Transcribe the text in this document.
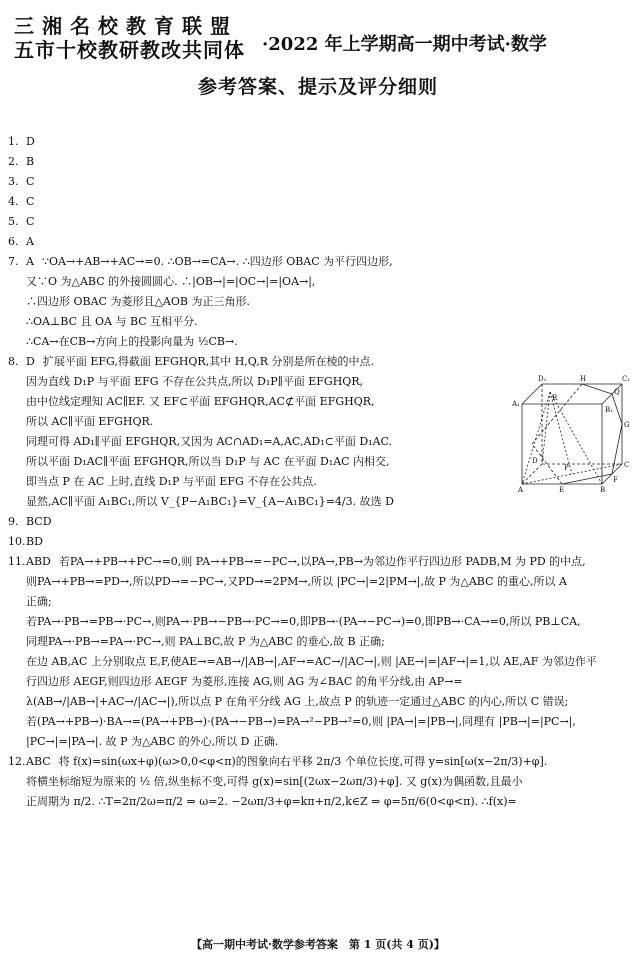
三湘名校教育联盟
五市十校教研教改共同体 ·2022 年上学期高一期中考试·数学
参考答案、提示及评分细则
1. D
2. B
3. C
4. C
5. C
6. A
7. A ∵OA→+AB→+AC→=0. ∴OB→=CA→. ∴四边形 OBAC 为平行四边形,
又∵O 为△ABC 的外接圆圆心. ∴|OB→|=|OC→|=|OA→|,
∴四边形 OBAC 为菱形且△AOB 为正三角形.
∴OA⊥BC 且 OA 与 BC 互相平分.
∴CA→在CB→方向上的投影向量为 ½CB→.
8. D 扩展平面 EFG,得截面 EFGHQR,其中 H,Q,R 分别是所在棱的中点.
因为直线 D₁P 与平面 EFG 不存在公共点,所以 D₁P∥平面 EFGHQR,
由中位线定理知 AC∥EF. 又 EF⊂平面 EFGHQR,AC⊄平面 EFGHQR,
所以 AC∥平面 EFGHQR.
同理可得 AD₁∥平面 EFGHQR,又因为 AC∩AD₁=A,AC,AD₁⊂平面 D₁AC.
所以平面 D₁AC∥平面 EFGHQR,所以当 D₁P 与 AC 在平面 D₁AC 内相交,
即当点 P 在 AC 上时,直线 D₁P 与平面 EFG 不存在公共点.
显然,AC∥平面 A₁BC₁,所以 V_{P−A₁BC₁}=V_{A−A₁BC₁}=4/3. 故选 D
9. BCD
10.BD
11.ABD 若PA→+PB→+PC→=0,则 PA→+PB→=−PC→,以PA→,PB→为邻边作平行四边形 PADB,M 为 PD 的中点,
则PA→+PB→=PD→,所以PD→=−PC→,又PD→=2PM→,所以 |PC→|=2|PM→|,故 P 为△ABC 的重心,所以 A
正确;
若PA→·PB→=PB→·PC→,则PA→·PB→−PB→·PC→=0,即PB→·(PA→−PC→)=0,即PB→·CA→=0,所以 PB⊥CA,
同理PA→·PB→=PA→·PC→,则 PA⊥BC,故 P 为△ABC 的垂心,故 B 正确;
在边 AB,AC 上分别取点 E,F,使AE→=AB→/|AB→|,AF→=AC→/|AC→|,则 |AE→|=|AF→|=1,以 AE,AF 为邻边作平
行四边形 AEGF,则四边形 AEGF 为菱形,连接 AG,则 AG 为∠BAC 的角平分线,由 AP→=
λ(AB→/|AB→|+AC→/|AC→|),所以点 P 在角平分线 AG 上,故点 P 的轨迹一定通过△ABC 的内心,所以 C 错误;
若(PA→+PB→)·BA→=(PA→+PB→)·(PA→−PB→)=PA→²−PB→²=0,则 |PA→|=|PB→|,同理有 |PB→|=|PC→|,
|PC→|=|PA→|. 故 P 为△ABC 的外心,所以 D 正确.
12.ABC 将 f(x)=sin(ωx+φ)(ω>0,0<φ<π)的图象向右平移 2π/3 个单位长度,可得 y=sin[ω(x−2π/3)+φ].
将横坐标缩短为原来的 ½ 倍,纵坐标不变,可得 g(x)=sin[(2ωx−2ωπ/3)+φ]. 又 g(x)为偶函数,且最小
正周期为 π/2. ∴T=2π/2ω=π/2 ⇒ ω=2. −2ωπ/3+φ=kπ+π/2,k∈Z ⇒ φ=5π/6(0<φ<π). ∴f(x)=
D₁	H	C₁
A₁
R
B₁
Q
G
D
P	C
A	E	B
F
【高一期中考试·数学参考答案　第 1 页(共 4 页)】
